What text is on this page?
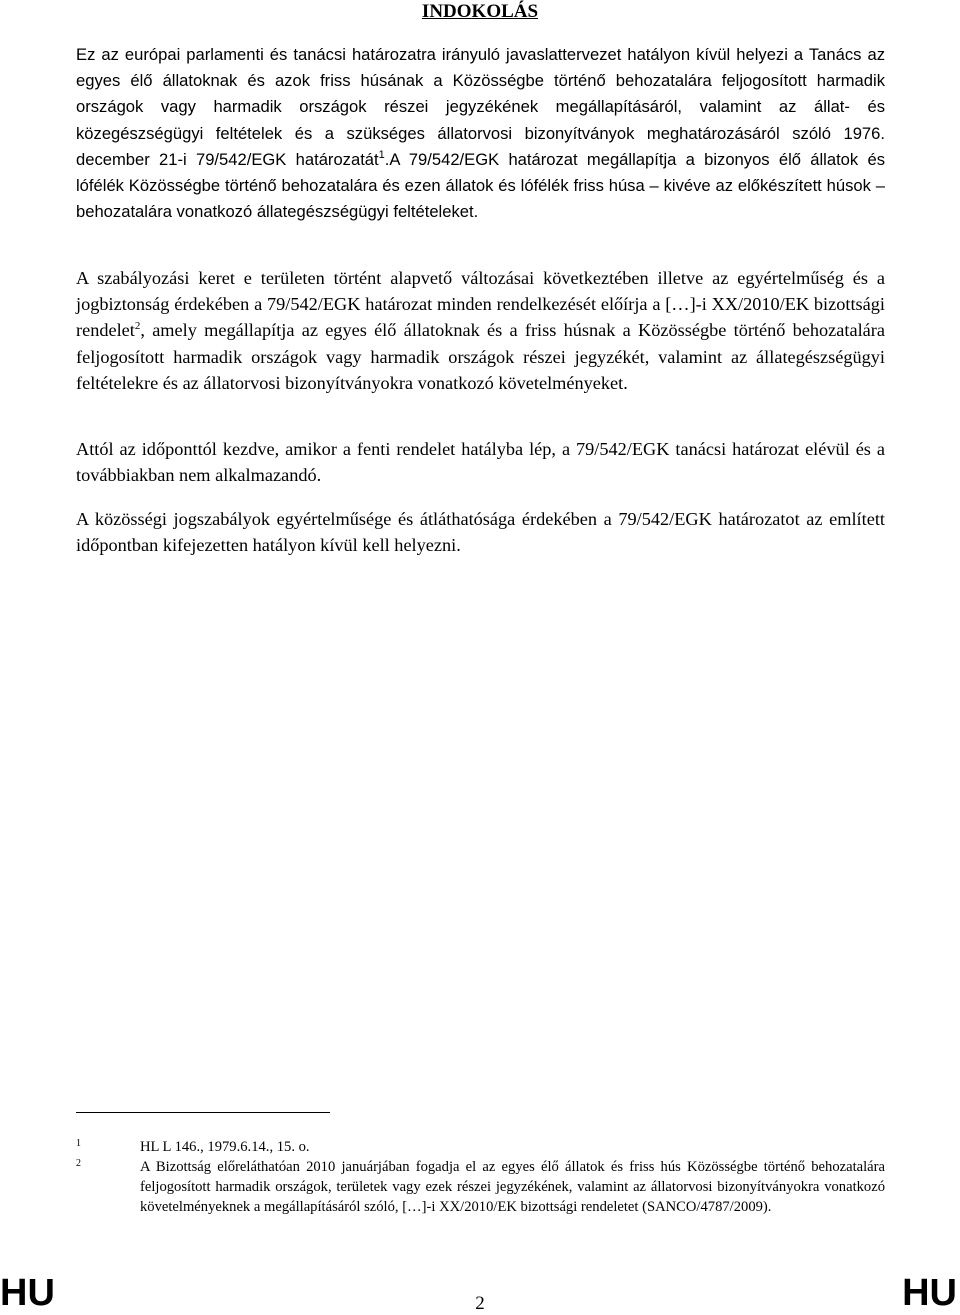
INDOKOLÁS

Ez az európai parlamenti és tanácsi határozatra irányuló javaslattervezet hatályon kívül helyezi a Tanács az egyes élő állatoknak és azok friss húsának a Közösségbe történő behozatalára feljogosított harmadik országok vagy harmadik országok részei jegyzékének megállapításáról, valamint az állat- és közegészségügyi feltételek és a szükséges állatorvosi bizonyítványok meghatározásáról szóló 1976. december 21-i 79/542/EGK határozatát$^1$.A 79/542/EGK határozat megállapítja a bizonyos élő állatok és lófélék Közösségbe történő behozatalára és ezen állatok és lófélék friss húsa – kivéve az előkészített húsok – behozatalára vonatkozó állategészségügyi feltételeket.

A szabályozási keret e területen történt alapvető változásai következtében illetve az egyértelműség és a jogbiztonság érdekében a 79/542/EGK határozat minden rendelkezését előírja a […]-i XX/2010/EK bizottsági rendelet$^2$, amely megállapítja az egyes élő állatoknak és a friss húsnak a Közösségbe történő behozatalára feljogosított harmadik országok vagy harmadik országok részei jegyzékét, valamint az állategészségügyi feltételekre és az állatorvosi bizonyítványokra vonatkozó követelményeket.

Attól az időponttól kezdve, amikor a fenti rendelet hatályba lép, a 79/542/EGK tanácsi határozat elévül és a továbbiakban nem alkalmazandó.

A közösségi jogszabályok egyértelműsége és átláthatósága érdekében a 79/542/EGK határozatot az említett időpontban kifejezetten hatályon kívül kell helyezni.

1	HL L 146., 1979.6.14., 15. o.
2	A Bizottság előreláthatóan 2010 januárjában fogadja el az egyes élő állatok és friss hús Közösségbe történő behozatalára feljogosított harmadik országok, területek vagy ezek részei jegyzékének, valamint az állatorvosi bizonyítványokra vonatkozó követelményeknek a megállapításáról szóló, […]-i XX/2010/EK bizottsági rendeletet (SANCO/4787/2009).
HU	2	HU
